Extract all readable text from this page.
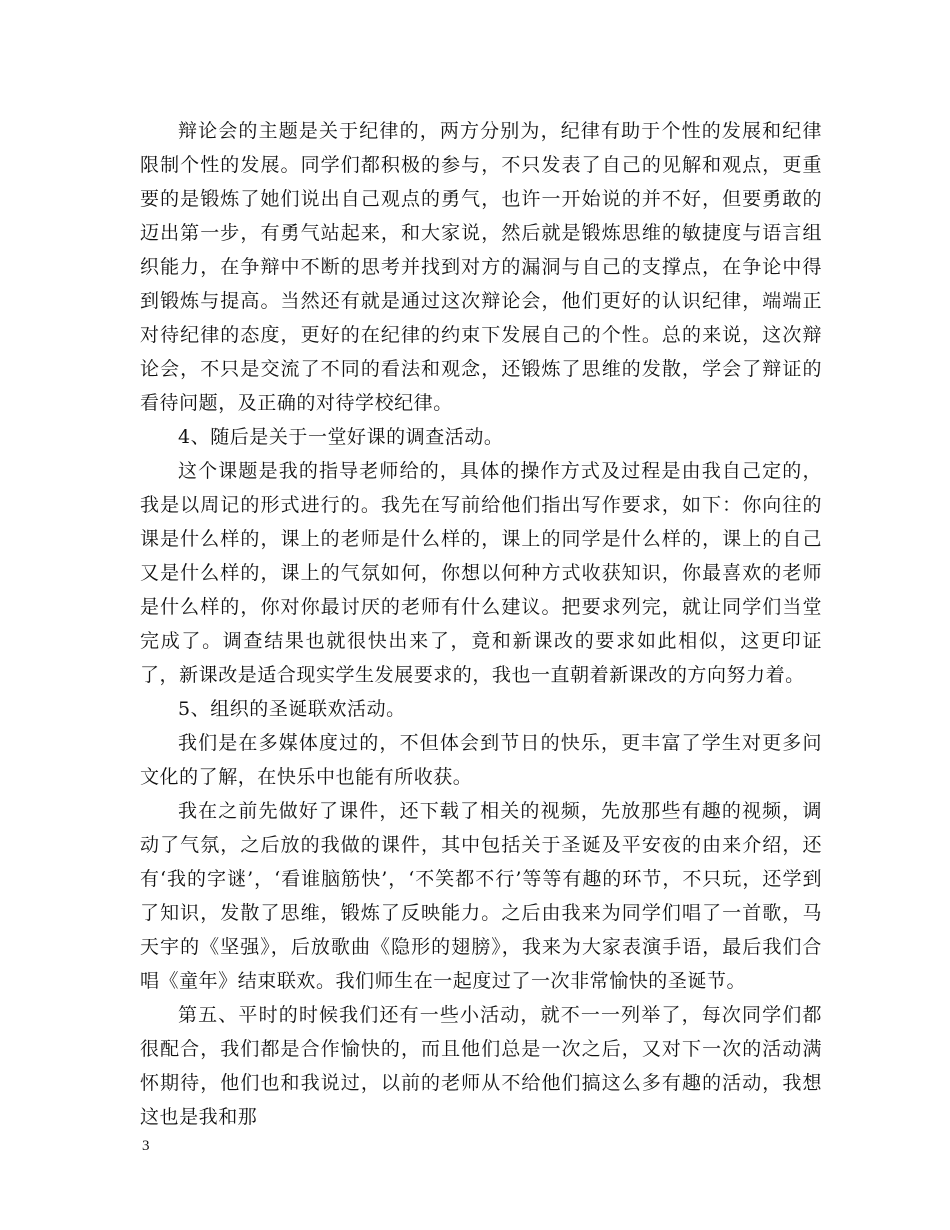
辩论会的主题是关于纪律的，两方分别为，纪律有助于个性的发展和纪律限制个性的发展。同学们都积极的参与，不只发表了自己的见解和观点，更重要的是锻炼了她们说出自己观点的勇气，也许一开始说的并不好，但要勇敢的迈出第一步，有勇气站起来，和大家说，然后就是锻炼思维的敏捷度与语言组织能力，在争辩中不断的思考并找到对方的漏洞与自己的支撑点，在争论中得到锻炼与提高。当然还有就是通过这次辩论会，他们更好的认识纪律，端端正对待纪律的态度，更好的在纪律的约束下发展自己的个性。总的来说，这次辩论会，不只是交流了不同的看法和观念，还锻炼了思维的发散，学会了辩证的看待问题，及正确的对待学校纪律。

4、随后是关于一堂好课的调查活动。

这个课题是我的指导老师给的，具体的操作方式及过程是由我自己定的，我是以周记的形式进行的。我先在写前给他们指出写作要求，如下：你向往的课是什么样的，课上的老师是什么样的，课上的同学是什么样的，课上的自己又是什么样的，课上的气氛如何，你想以何种方式收获知识，你最喜欢的老师是什么样的，你对你最讨厌的老师有什么建议。把要求列完，就让同学们当堂完成了。调查结果也就很快出来了，竟和新课改的要求如此相似，这更印证了，新课改是适合现实学生发展要求的，我也一直朝着新课改的方向努力着。

5、组织的圣诞联欢活动。

我们是在多媒体度过的，不但体会到节日的快乐，更丰富了学生对更多问文化的了解，在快乐中也能有所收获。

我在之前先做好了课件，还下载了相关的视频，先放那些有趣的视频，调动了气氛，之后放的我做的课件，其中包括关于圣诞及平安夜的由来介绍，还有‘我的字谜’，‘看谁脑筋快’，‘不笑都不行’等等有趣的环节，不只玩，还学到了知识，发散了思维，锻炼了反映能力。之后由我来为同学们唱了一首歌，马天宇的《坚强》，后放歌曲《隐形的翅膀》，我来为大家表演手语，最后我们合唱《童年》结束联欢。我们师生在一起度过了一次非常愉快的圣诞节。

第五、平时的时候我们还有一些小活动，就不一一列举了，每次同学们都很配合，我们都是合作愉快的，而且他们总是一次之后，又对下一次的活动满怀期待，他们也和我说过，以前的老师从不给他们搞这么多有趣的活动，我想这也是我和那

3
